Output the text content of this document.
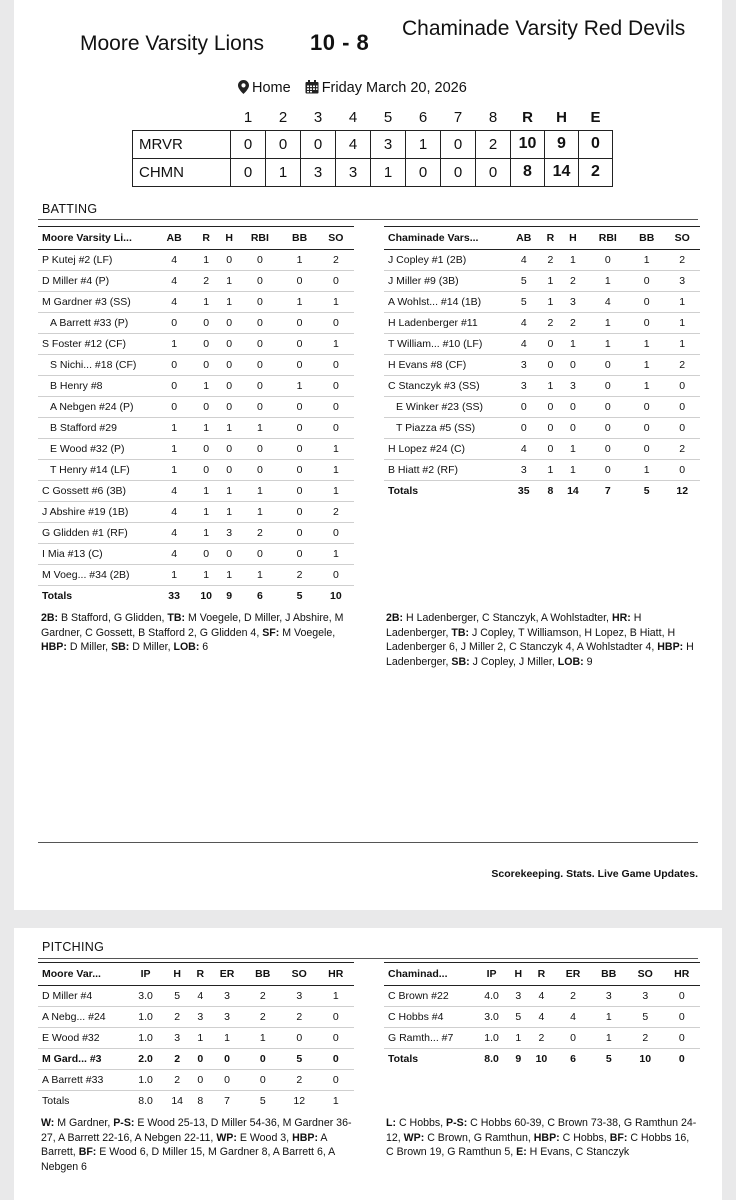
Moore Varsity Lions 10 - 8
Chaminade Varsity Red Devils
Home	Friday March 20, 2026
	1	2	3	4	5	6	7	8	R	H	E
MRVR	0	0	0	4	3	1	0	2	10	9	0
CHMN	0	1	3	3	1	0	0	0	8	14	2
BATTING
Moore Varsity Li...	AB	R	H	RBI	BB	SO
P Kutej #2 (LF)	4	1	0	0	1	2
D Miller #4 (P)	4	2	1	0	0	0
M Gardner #3 (SS)	4	1	1	0	1	1
A Barrett #33 (P)	0	0	0	0	0	0
S Foster #12 (CF)	1	0	0	0	0	1
S Nichi... #18 (CF)	0	0	0	0	0	0
B Henry #8	0	1	0	0	1	0
A Nebgen #24 (P)	0	0	0	0	0	0
B Stafford #29	1	1	1	1	0	0
E Wood #32 (P)	1	0	0	0	0	1
T Henry #14 (LF)	1	0	0	0	0	1
C Gossett #6 (3B)	4	1	1	1	0	1
J Abshire #19 (1B)	4	1	1	1	0	2
G Glidden #1 (RF)	4	1	3	2	0	0
I Mia #13 (C)	4	0	0	0	0	1
M Voeg... #34 (2B)	1	1	1	1	2	0
Totals	33	10	9	6	5	10
Chaminade Vars...	AB	R	H	RBI	BB	SO
J Copley #1 (2B)	4	2	1	0	1	2
J Miller #9 (3B)	5	1	2	1	0	3
A Wohlst... #14 (1B)	5	1	3	4	0	1
H Ladenberger #11	4	2	2	1	0	1
T William... #10 (LF)	4	0	1	1	1	1
H Evans #8 (CF)	3	0	0	0	1	2
C Stanczyk #3 (SS)	3	1	3	0	1	0
E Winker #23 (SS)	0	0	0	0	0	0
T Piazza #5 (SS)	0	0	0	0	0	0
H Lopez #24 (C)	4	0	1	0	0	2
B Hiatt #2 (RF)	3	1	1	0	1	0
Totals	35	8	14	7	5	12
2B: B Stafford, G Glidden, TB: M Voegele, D Miller, J Abshire, M Gardner, C Gossett, B Stafford 2, G Glidden 4, SF: M Voegele, HBP: D Miller, SB: D Miller, LOB: 6
2B: H Ladenberger, C Stanczyk, A Wohlstadter, HR: H Ladenberger, TB: J Copley, T Williamson, H Lopez, B Hiatt, H Ladenberger 6, J Miller 2, C Stanczyk 4, A Wohlstadter 4, HBP: H Ladenberger, SB: J Copley, J Miller, LOB: 9
Scorekeeping. Stats. Live Game Updates.
PITCHING
Moore Var...	IP	H	R	ER	BB	SO	HR
D Miller #4	3.0	5	4	3	2	3	1
A Nebg... #24	1.0	2	3	3	2	2	0
E Wood #32	1.0	3	1	1	1	0	0
M Gard... #3	2.0	2	0	0	0	5	0
A Barrett #33	1.0	2	0	0	0	2	0
Totals	8.0	14	8	7	5	12	1
Chaminad...	IP	H	R	ER	BB	SO	HR
C Brown #22	4.0	3	4	2	3	3	0
C Hobbs #4	3.0	5	4	4	1	5	0
G Ramth... #7	1.0	1	2	0	1	2	0
Totals	8.0	9	10	6	5	10	0
W: M Gardner, P-S: E Wood 25-13, D Miller 54-36, M Gardner 36-27, A Barrett 22-16, A Nebgen 22-11, WP: E Wood 3, HBP: A Barrett, BF: E Wood 6, D Miller 15, M Gardner 8, A Barrett 6, A Nebgen 6
L: C Hobbs, P-S: C Hobbs 60-39, C Brown 73-38, G Ramthun 24-12, WP: C Brown, G Ramthun, HBP: C Hobbs, BF: C Hobbs 16, C Brown 19, G Ramthun 5, E: H Evans, C Stanczyk
